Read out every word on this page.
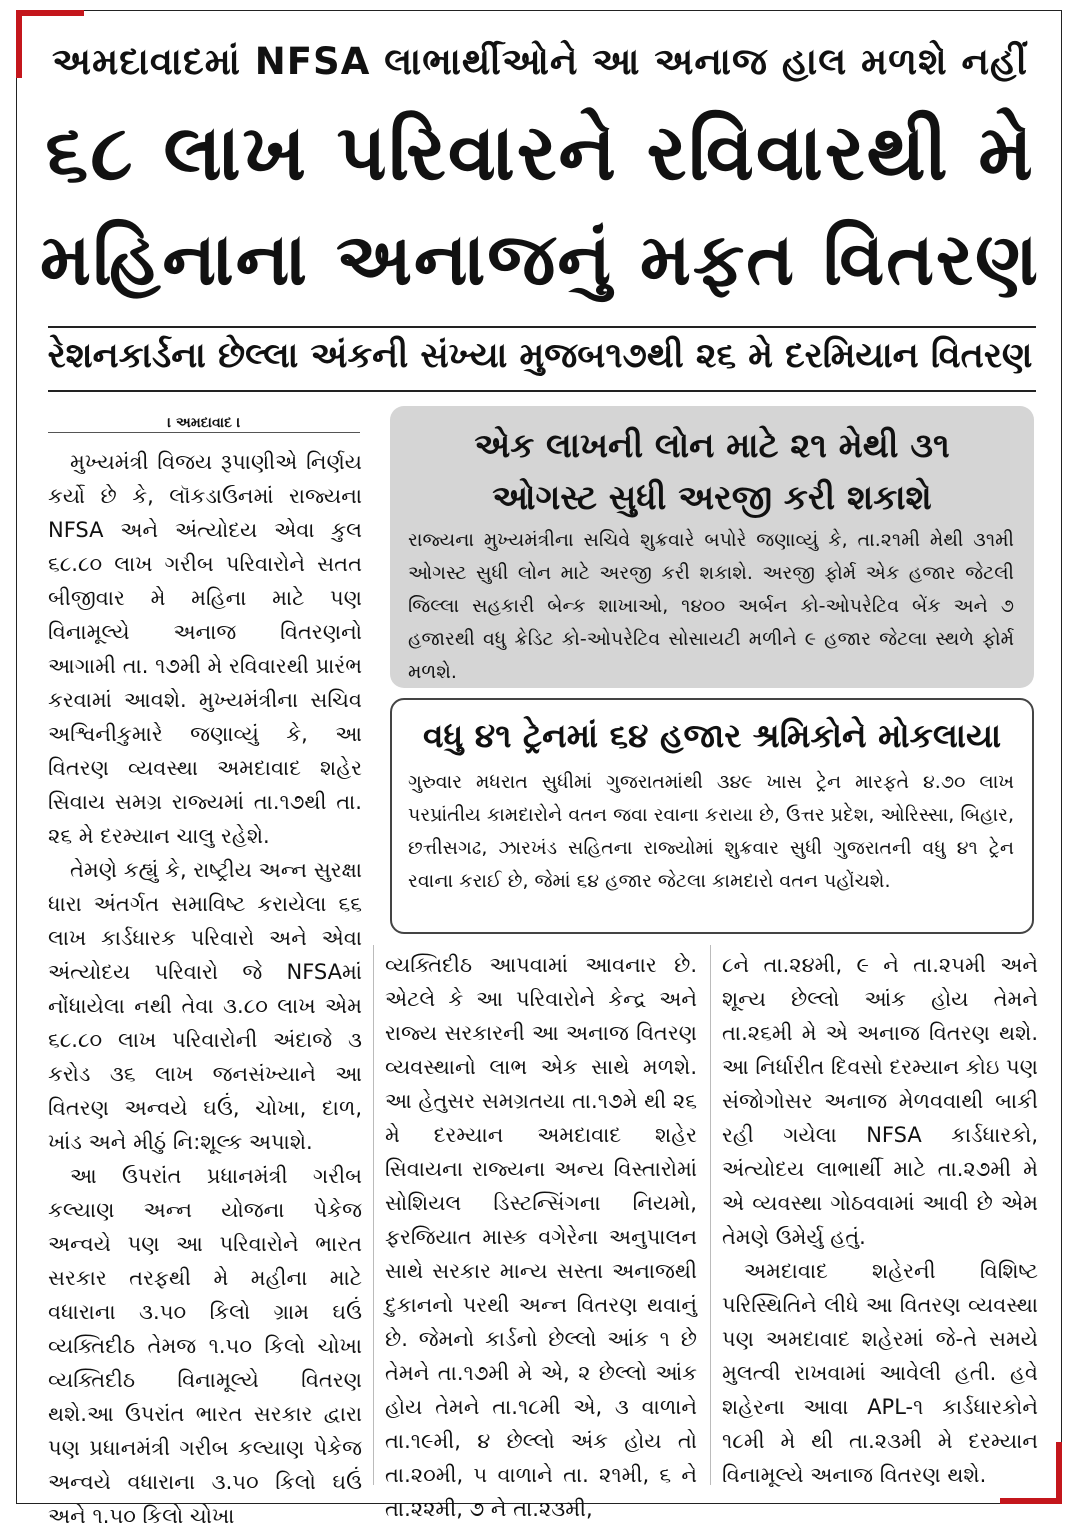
અમદાવાદમાં NFSA લાભાર્થીઓને આ અનાજ હાલ મળશે નહીં
૬૮ લાખ પરિવારને રવિવારથી મે
મહિનાના અનાજનું મફત વિતરણ
રેશનકાર્ડના છેલ્લા અંકની સંખ્યા મુજબ૧૭થી ૨૬ મે દરમિયાન વિતરણ
। અમદાવાદ ।

મુખ્યમંત્રી વિજય રૂપાણીએ નિર્ણય કર્યો છે કે, લૉકડાઉનમાં રાજ્યના NFSA અને અંત્યોદય એવા કુલ ૬૮.૮૦ લાખ ગરીબ પરિવારોને સતત બીજીવાર મે મહિના માટે પણ વિનામૂલ્યે અનાજ વિતરણનો આગામી તા. ૧૭મી મે રવિવારથી પ્રારંભ કરવામાં આવશે. મુખ્યમંત્રીના સચિવ અશ્વિનીકુમારે જણાવ્યું કે, આ વિતરણ વ્યવસ્થા અમદાવાદ શહેર સિવાય સમગ્ર રાજ્યમાં તા.૧૭થી તા. ૨૬ મે દરમ્યાન ચાલુ રહેશે.

તેમણે કહ્યું કે, રાષ્ટ્રીય અન્ન સુરક્ષા ધારા અંતર્ગત સમાવિષ્ટ કરાયેલા ૬૬ લાખ કાર્ડધારક પરિવારો અને એવા અંત્યોદય પરિવારો જે NFSAમાં નોંધાયેલા નથી તેવા ૩.૮૦ લાખ એમ ૬૮.૮૦ લાખ પરિવારોની અંદાજે ૩ કરોડ ૩૬ લાખ જનસંખ્યાને આ વિતરણ અન્વયે ઘઉં, ચોખા, દાળ, ખાંડ અને મીઠું નિ:શૂલ્ક અપાશે.

આ ઉપરાંત પ્રધાનમંત્રી ગરીબ કલ્યાણ અન્ન યોજના પેકેજ અન્વયે પણ આ પરિવારોને ભારત સરકાર તરફથી મે મહીના માટે વધારાના ૩.૫૦ કિલો ગ્રામ ઘઉં વ્યક્તિદીઠ તેમજ ૧.૫૦ કિલો ચોખા વ્યક્તિદીઠ વિનામૂલ્યે વિતરણ થશે.આ ઉપરાંત ભારત સરકાર દ્વારા પણ પ્રધાનમંત્રી ગરીબ કલ્યાણ પેકેજ અન્વયે વધારાના ૩.૫૦ કિલો ઘઉં અને ૧.૫૦ કિલો ચોખા

એક લાખની લોન માટે ૨૧ મેથી ૩૧
ઓગસ્ટ સુધી અરજી કરી શકાશે
રાજ્યના મુખ્યમંત્રીના સચિવે શુક્રવારે બપોરે જણાવ્યું કે, તા.૨૧મી મેથી ૩૧મી ઓગસ્ટ સુધી લોન માટે અરજી કરી શકાશે. અરજી ફોર્મ એક હજાર જેટલી જિલ્લા સહકારી બેન્ક શાખાઓ, ૧૪૦૦ અર્બન કો-ઓપરેટિવ બેંક અને ૭ હજારથી વધુ ક્રેડિટ કો-ઓપરેટિવ સોસાયટી મળીને ૯ હજાર જેટલા સ્થળે ફોર્મ મળશે.
વધુ ૪૧ ટ્રેનમાં ૬૪ હજાર શ્રમિકોને મોકલાયા
ગુરુવાર મધરાત સુધીમાં ગુજરાતમાંથી ૩૪૯ ખાસ ટ્રેન મારફતે ૪.૭૦ લાખ પરપ્રાંતીય કામદારોને વતન જવા રવાના કરાયા છે, ઉત્તર પ્રદેશ, ઓરિસ્સા, બિહાર, છત્તીસગઢ, ઝારખંડ સહિતના રાજ્યોમાં શુક્રવાર સુધી ગુજરાતની વધુ ૪૧ ટ્રેન રવાના કરાઈ છે, જેમાં ૬૪ હજાર જેટલા કામદારો વતન પહોંચશે.

વ્યક્તિદીઠ આપવામાં આવનાર છે. એટલે કે આ પરિવારોને કેન્દ્ર અને રાજ્ય સરકારની આ અનાજ વિતરણ વ્યવસ્થાનો લાભ એક સાથે મળશે. આ હેતુસર સમગ્રતયા તા.૧૭મે થી ૨૬ મે દરમ્યાન અમદાવાદ શહેર સિવાયના રાજ્યના અન્ય વિસ્તારોમાં સોશિયલ ડિસ્ટન્સિંગના નિયમો, ફરજિયાત માસ્ક વગેરેના અનુપાલન સાથે સરકાર માન્ય સસ્તા અનાજથી દુકાનનો પરથી અન્ન વિતરણ થવાનું છે. જેમનો કાર્ડનો છેલ્લો આંક ૧ છે તેમને તા.૧૭મી મે એ, ૨ છેલ્લો આંક હોય તેમને તા.૧૮મી એ, ૩ વાળાને તા.૧૯મી, ૪ છેલ્લો અંક હોય તો તા.૨૦મી, ૫ વાળાને તા. ૨૧મી, ૬ ને તા.૨૨મી, ૭ ને તા.૨૩મી,

૮ને તા.૨૪મી, ૯ ને તા.૨૫મી અને શૂન્ય છેલ્લો આંક હોય તેમને તા.૨૬મી મે એ અનાજ વિતરણ થશે. આ નિર્ધારીત દિવસો દરમ્યાન કોઇ પણ સંજોગોસર અનાજ મેળવવાથી બાકી રહી ગયેલા NFSA કાર્ડધારકો, અંત્યોદય લાભાર્થી માટે તા.૨૭મી મે એ વ્યવસ્થા ગોઠવવામાં આવી છે એમ તેમણે ઉમેર્યુ હતું.

અમદાવાદ શહેરની વિશિષ્ટ પરિસ્થિતિને લીધે આ વિતરણ વ્યવસ્થા પણ અમદાવાદ શહેરમાં જે-તે સમયે મુલત્વી રાખવામાં આવેલી હતી. હવે શહેરના આવા APL-૧ કાર્ડધારકોને ૧૮મી મે થી તા.૨૩મી મે દરમ્યાન વિનામૂલ્યે અનાજ વિતરણ થશે.
